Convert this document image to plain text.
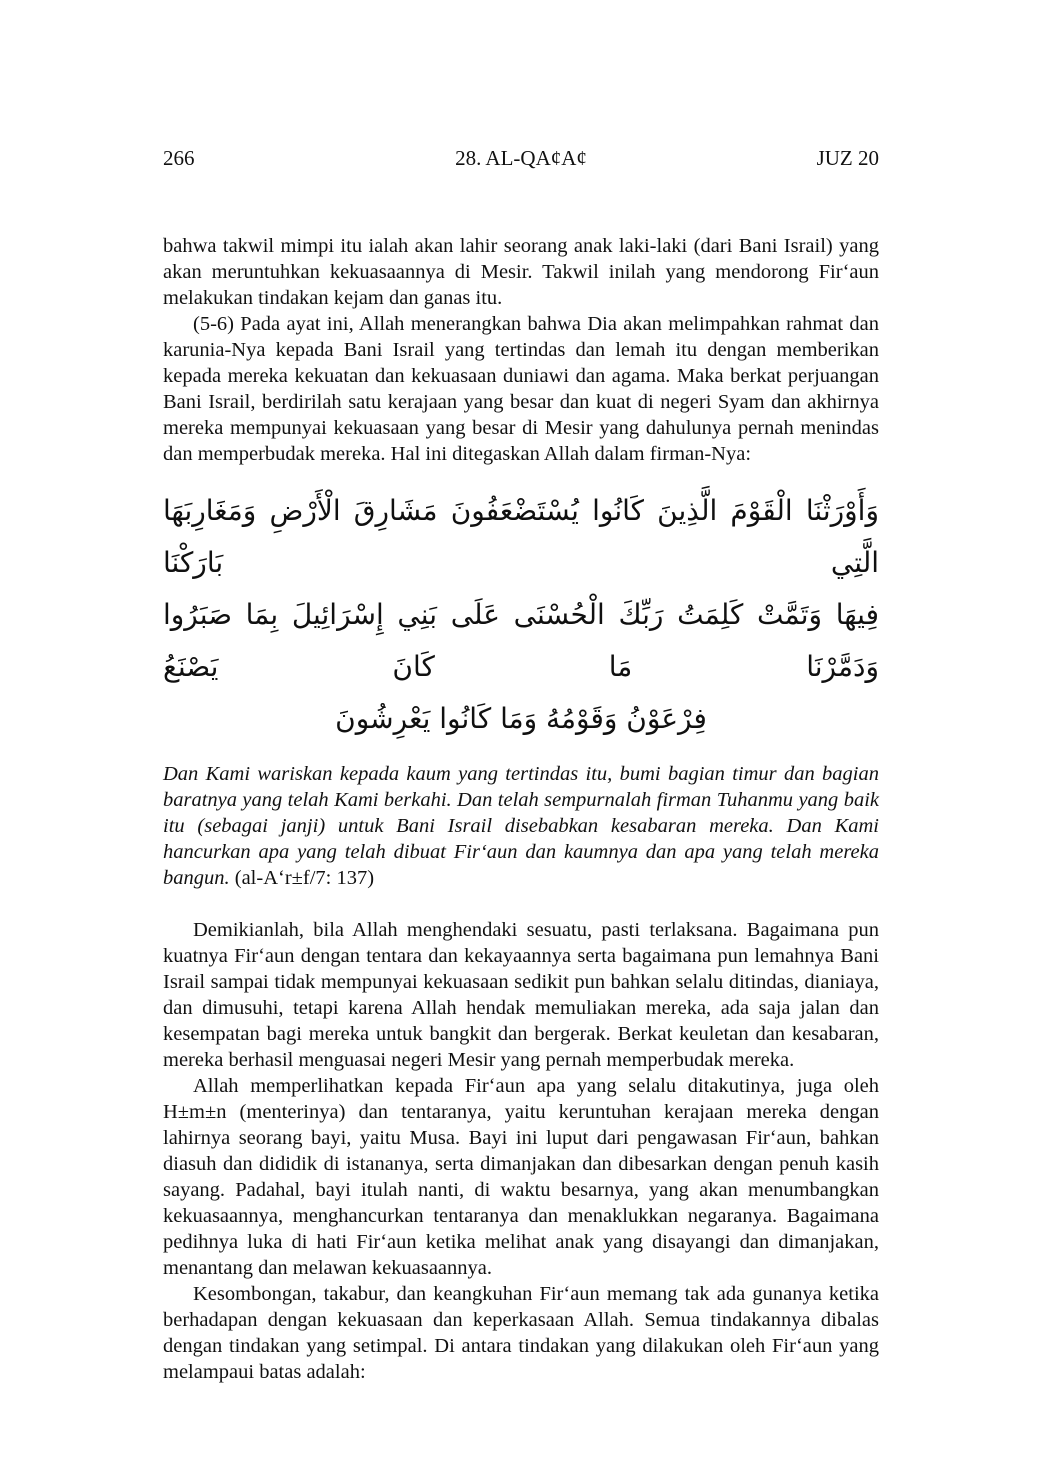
266	28. AL-QA¢A¢	JUZ 20

bahwa takwil mimpi itu ialah akan lahir seorang anak laki-laki (dari Bani Israil) yang akan meruntuhkan kekuasaannya di Mesir. Takwil inilah yang mendorong Fir‘aun melakukan tindakan kejam dan ganas itu.

(5-6) Pada ayat ini, Allah menerangkan bahwa Dia akan melimpahkan rahmat dan karunia-Nya kepada Bani Israil yang tertindas dan lemah itu dengan memberikan kepada mereka kekuatan dan kekuasaan duniawi dan agama. Maka berkat perjuangan Bani Israil, berdirilah satu kerajaan yang besar dan kuat di negeri Syam dan akhirnya mereka mempunyai kekuasaan yang besar di Mesir yang dahulunya pernah menindas dan memperbudak mereka. Hal ini ditegaskan Allah dalam firman-Nya:

وَأَوْرَثْنَا الْقَوْمَ الَّذِينَ كَانُوا يُسْتَضْعَفُونَ مَشَارِقَ الْأَرْضِ وَمَغَارِبَهَا الَّتِي بَارَكْنَا
فِيهَا وَتَمَّتْ كَلِمَتُ رَبِّكَ الْحُسْنَى عَلَى بَنِي إِسْرَائِيلَ بِمَا صَبَرُوا وَدَمَّرْنَا مَا كَانَ يَصْنَعُ
فِرْعَوْنُ وَقَوْمُهُ وَمَا كَانُوا يَعْرِشُونَ

Dan Kami wariskan kepada kaum yang tertindas itu, bumi bagian timur dan bagian baratnya yang telah Kami berkahi. Dan telah sempurnalah firman Tuhanmu yang baik itu (sebagai janji) untuk Bani Israil disebabkan kesabaran mereka. Dan Kami hancurkan apa yang telah dibuat Fir‘aun dan kaumnya dan apa yang telah mereka bangun. (al-A‘r±f/7: 137)

Demikianlah, bila Allah menghendaki sesuatu, pasti terlaksana. Bagaimana pun kuatnya Fir‘aun dengan tentara dan kekayaannya serta bagaimana pun lemahnya Bani Israil sampai tidak mempunyai kekuasaan sedikit pun bahkan selalu ditindas, dianiaya, dan dimusuhi, tetapi karena Allah hendak memuliakan mereka, ada saja jalan dan kesempatan bagi mereka untuk bangkit dan bergerak. Berkat keuletan dan kesabaran, mereka berhasil menguasai negeri Mesir yang pernah memperbudak mereka.

Allah memperlihatkan kepada Fir‘aun apa yang selalu ditakutinya, juga oleh H±m±n (menterinya) dan tentaranya, yaitu keruntuhan kerajaan mereka dengan lahirnya seorang bayi, yaitu Musa. Bayi ini luput dari pengawasan Fir‘aun, bahkan diasuh dan dididik di istananya, serta dimanjakan dan dibesarkan dengan penuh kasih sayang. Padahal, bayi itulah nanti, di waktu besarnya, yang akan menumbangkan kekuasaannya, menghancurkan tentaranya dan menaklukkan negaranya. Bagaimana pedihnya luka di hati Fir‘aun ketika melihat anak yang disayangi dan dimanjakan, menantang dan melawan kekuasaannya.

Kesombongan, takabur, dan keangkuhan Fir‘aun memang tak ada gunanya ketika berhadapan dengan kekuasaan dan keperkasaan Allah. Semua tindakannya dibalas dengan tindakan yang setimpal. Di antara tindakan yang dilakukan oleh Fir‘aun yang melampaui batas adalah:
